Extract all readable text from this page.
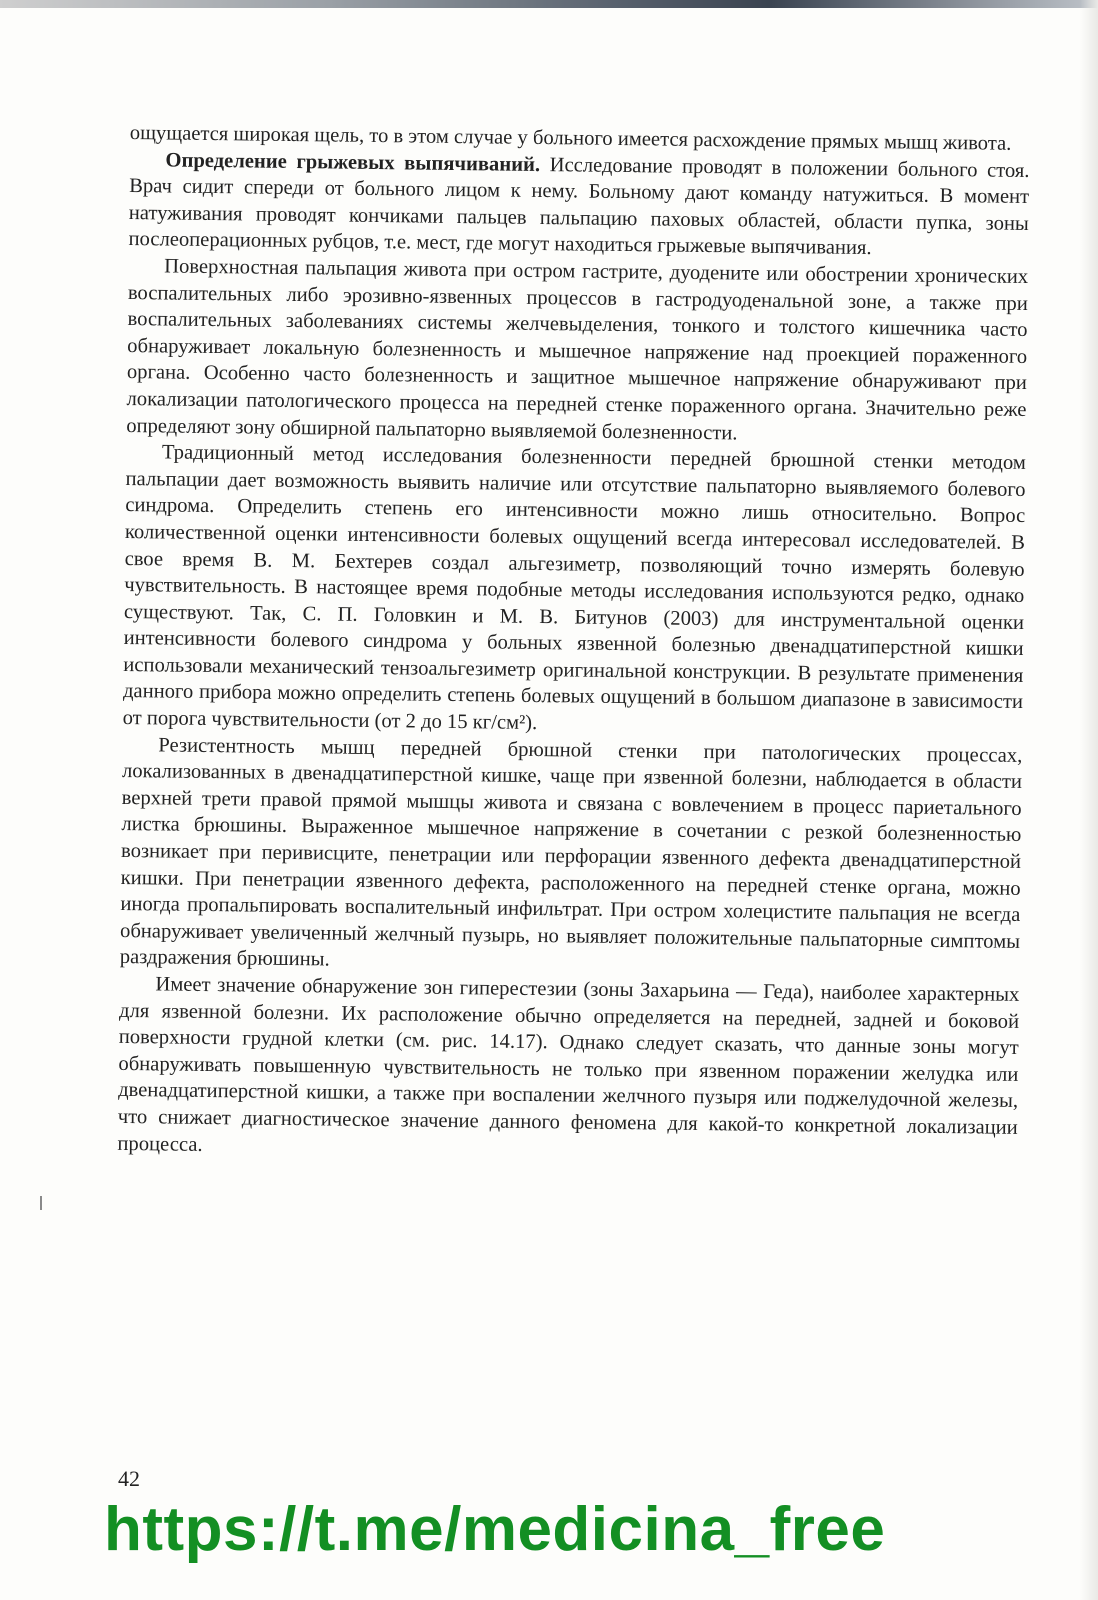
ощущается широкая щель, то в этом случае у больного имеется расхождение прямых мышц живота.

Определение грыжевых выпячиваний. Исследование проводят в положении больного стоя. Врач сидит спереди от больного лицом к нему. Больному дают команду натужиться. В момент натуживания проводят кончиками пальцев пальпацию паховых областей, области пупка, зоны послеоперационных рубцов, т.е. мест, где могут находиться грыжевые выпячивания.

Поверхностная пальпация живота при остром гастрите, дуодените или обострении хронических воспалительных либо эрозивно-язвенных процессов в гастродуоденальной зоне, а также при воспалительных заболеваниях системы желчевыделения, тонкого и толстого кишечника часто обнаруживает локальную болезненность и мышечное напряжение над проекцией пораженного органа. Особенно часто болезненность и защитное мышечное напряжение обнаруживают при локализации патологического процесса на передней стенке пораженного органа. Значительно реже определяют зону обширной пальпаторно выявляемой болезненности.

Традиционный метод исследования болезненности передней брюшной стенки методом пальпации дает возможность выявить наличие или отсутствие пальпаторно выявляемого болевого синдрома. Определить степень его интенсивности можно лишь относительно. Вопрос количественной оценки интенсивности болевых ощущений всегда интересовал исследователей. В свое время В. М. Бехтерев создал альгезиметр, позволяющий точно измерять болевую чувствительность. В настоящее время подобные методы исследования используются редко, однако существуют. Так, С. П. Головкин и М. В. Битунов (2003) для инструментальной оценки интенсивности болевого синдрома у больных язвенной болезнью двенадцатиперстной кишки использовали механический тензоальгезиметр оригинальной конструкции. В результате применения данного прибора можно определить степень болевых ощущений в большом диапазоне в зависимости от порога чувствительности (от 2 до 15 кг/см²).

Резистентность мышц передней брюшной стенки при патологических процессах, локализованных в двенадцатиперстной кишке, чаще при язвенной болезни, наблюдается в области верхней трети правой прямой мышцы живота и связана с вовлечением в процесс париетального листка брюшины. Выраженное мышечное напряжение в сочетании с резкой болезненностью возникает при перивисците, пенетрации или перфорации язвенного дефекта двенадцатиперстной кишки. При пенетрации язвенного дефекта, расположенного на передней стенке органа, можно иногда пропальпировать воспалительный инфильтрат. При остром холецистите пальпация не всегда обнаруживает увеличенный желчный пузырь, но выявляет положительные пальпаторные симптомы раздражения брюшины.

Имеет значение обнаружение зон гиперестезии (зоны Захарьина — Геда), наиболее характерных для язвенной болезни. Их расположение обычно определяется на передней, задней и боковой поверхности грудной клетки (см. рис. 14.17). Однако следует сказать, что данные зоны могут обнаруживать повышенную чувствительность не только при язвенном поражении желудка или двенадцатиперстной кишки, а также при воспалении желчного пузыря или поджелудочной железы, что снижает диагностическое значение данного феномена для какой-то конкретной локализации процесса.

42
https://t.me/medicina_free
